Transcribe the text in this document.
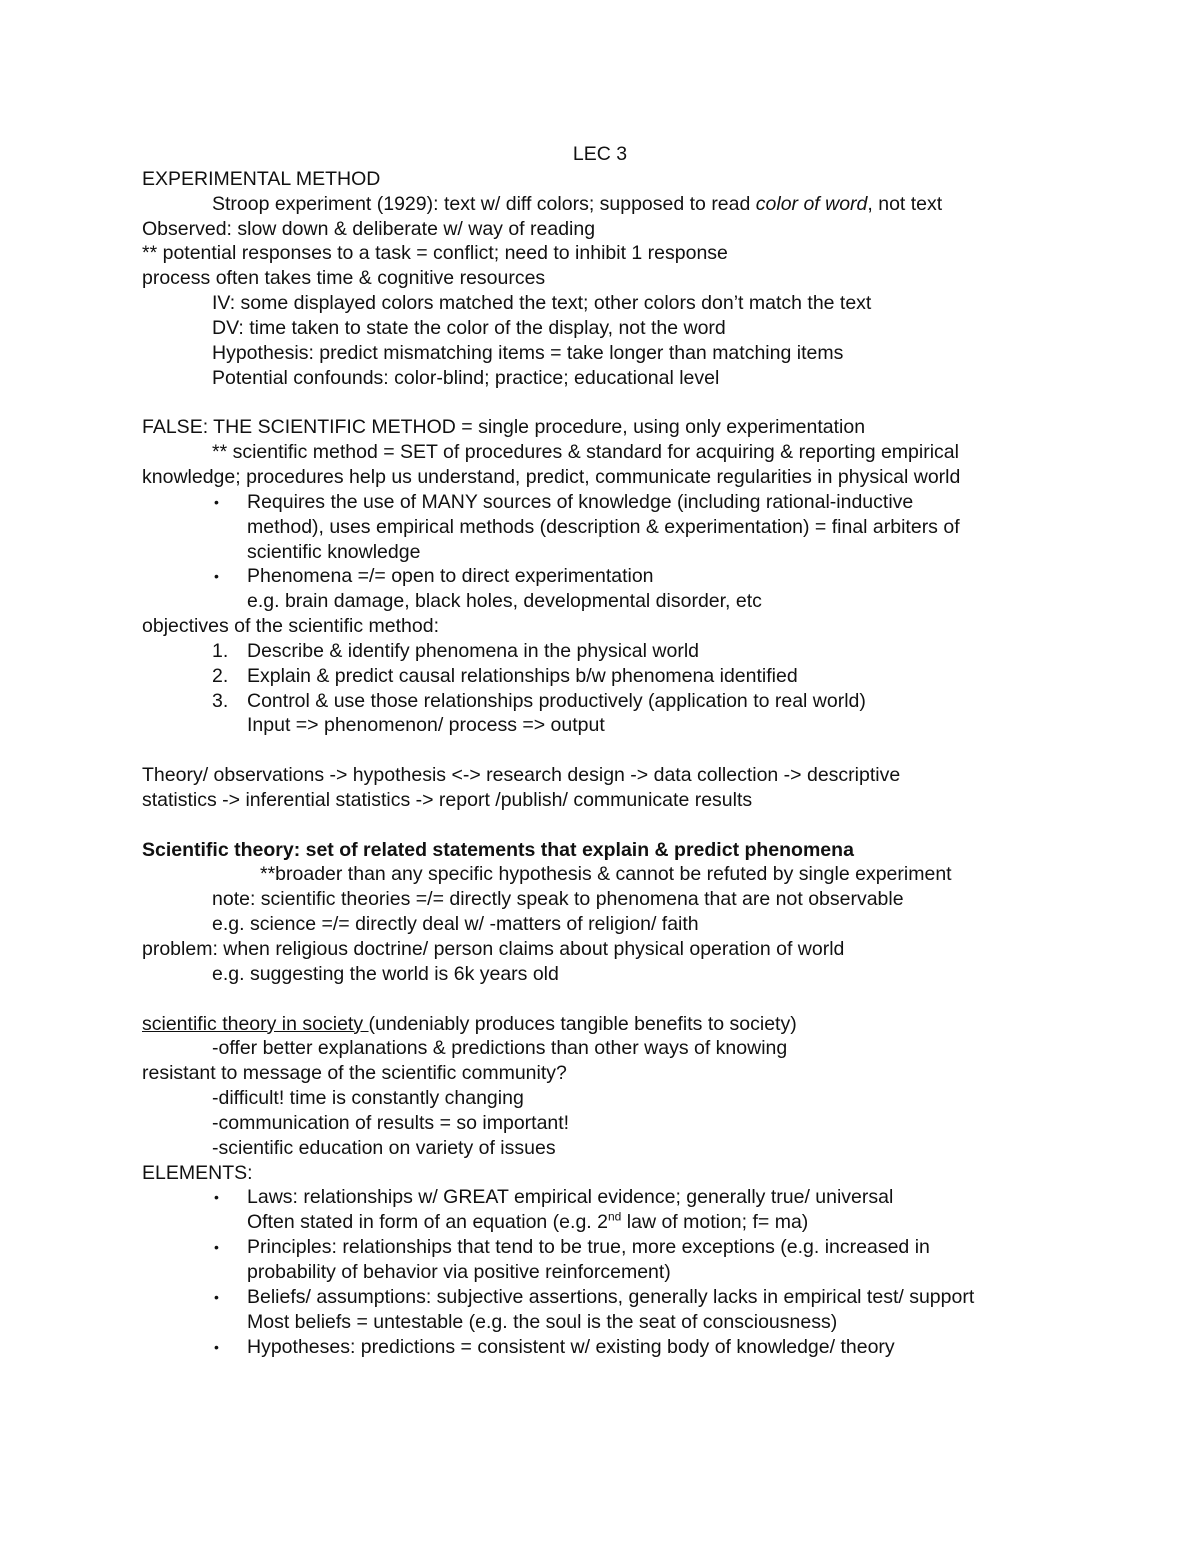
LEC 3
EXPERIMENTAL METHOD
Stroop experiment (1929): text w/ diff colors; supposed to read color of word, not text
Observed: slow down & deliberate w/ way of reading
** potential responses to a task = conflict; need to inhibit 1 response
process often takes time & cognitive resources
IV: some displayed colors matched the text; other colors don’t match the text
DV: time taken to state the color of the display, not the word
Hypothesis: predict mismatching items = take longer than matching items
Potential confounds: color-blind; practice; educational level
FALSE: THE SCIENTIFIC METHOD = single procedure, using only experimentation
** scientific method = SET of procedures & standard for acquiring & reporting empirical
knowledge; procedures help us understand, predict, communicate regularities in physical world
• Requires the use of MANY sources of knowledge (including rational-inductive
method), uses empirical methods (description & experimentation) = final arbiters of
scientific knowledge
• Phenomena =/= open to direct experimentation
e.g. brain damage, black holes, developmental disorder, etc
objectives of the scientific method:
1. Describe & identify phenomena in the physical world
2. Explain & predict causal relationships b/w phenomena identified
3. Control & use those relationships productively (application to real world)
Input => phenomenon/ process => output
Theory/ observations -> hypothesis <-> research design -> data collection -> descriptive
statistics -> inferential statistics -> report /publish/ communicate results
Scientific theory: set of related statements that explain & predict phenomena
**broader than any specific hypothesis & cannot be refuted by single experiment
note: scientific theories =/= directly speak to phenomena that are not observable
e.g. science =/= directly deal w/ -matters of religion/ faith
problem: when religious doctrine/ person claims about physical operation of world
e.g. suggesting the world is 6k years old
scientific theory in society (undeniably produces tangible benefits to society)
-offer better explanations & predictions than other ways of knowing
resistant to message of the scientific community?
-difficult! time is constantly changing
-communication of results = so important!
-scientific education on variety of issues
ELEMENTS:
• Laws: relationships w/ GREAT empirical evidence; generally true/ universal
Often stated in form of an equation (e.g. 2nd law of motion; f= ma)
• Principles: relationships that tend to be true, more exceptions (e.g. increased in
probability of behavior via positive reinforcement)
• Beliefs/ assumptions: subjective assertions, generally lacks in empirical test/ support
Most beliefs = untestable (e.g. the soul is the seat of consciousness)
• Hypotheses: predictions = consistent w/ existing body of knowledge/ theory
